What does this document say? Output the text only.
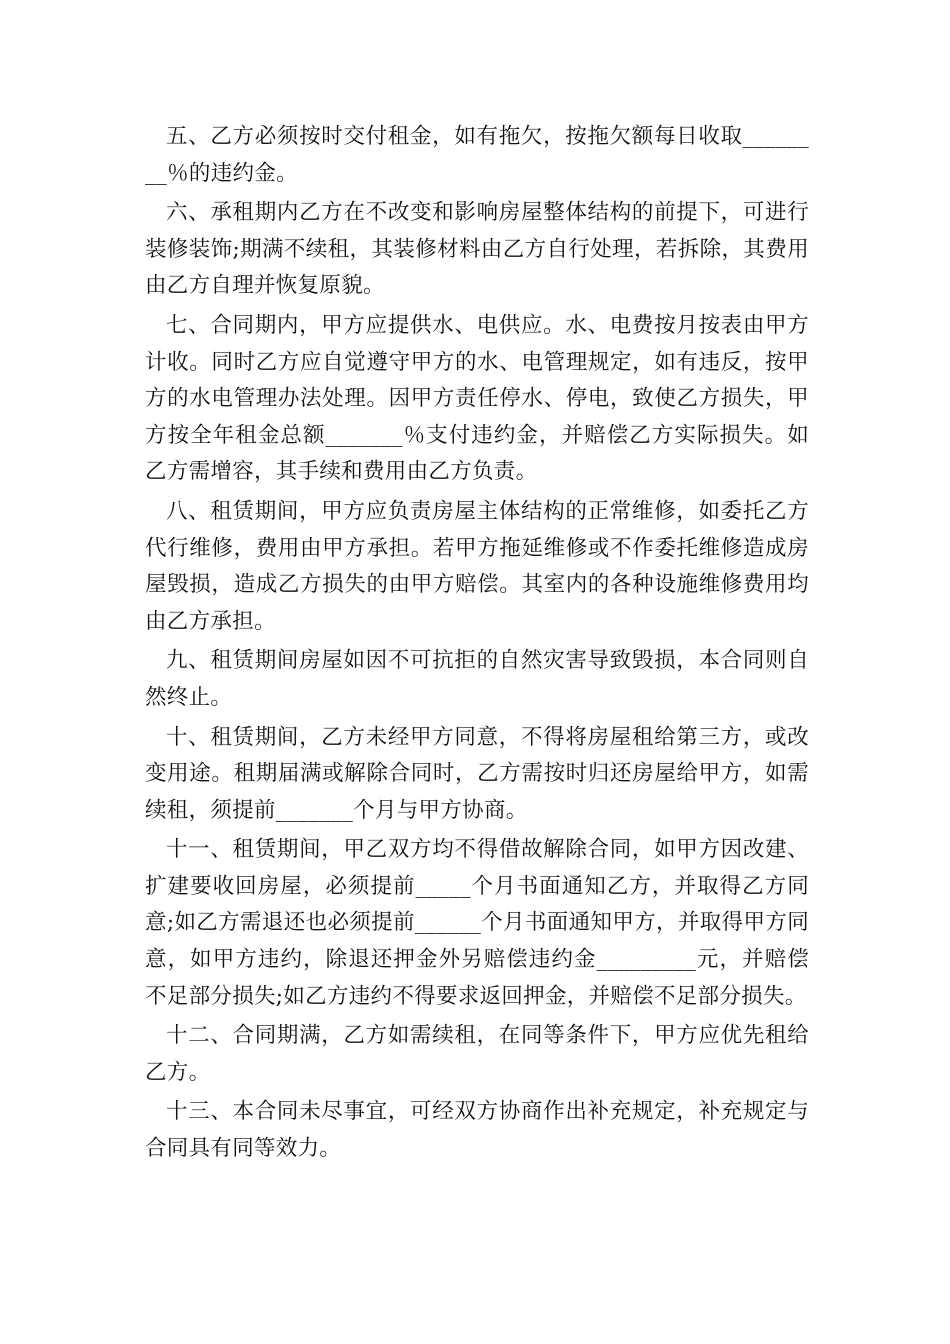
五、乙方必须按时交付租金，如有拖欠，按拖欠额每日收取________％的违约金。

六、承租期内乙方在不改变和影响房屋整体结构的前提下，可进行装修装饰;期满不续租，其装修材料由乙方自行处理，若拆除，其费用由乙方自理并恢复原貌。

七、合同期内，甲方应提供水、电供应。水、电费按月按表由甲方计收。同时乙方应自觉遵守甲方的水、电管理规定，如有违反，按甲方的水电管理办法处理。因甲方责任停水、停电，致使乙方损失，甲方按全年租金总额_______％支付违约金，并赔偿乙方实际损失。如乙方需增容，其手续和费用由乙方负责。

八、租赁期间，甲方应负责房屋主体结构的正常维修，如委托乙方代行维修，费用由甲方承担。若甲方拖延维修或不作委托维修造成房屋毁损，造成乙方损失的由甲方赔偿。其室内的各种设施维修费用均由乙方承担。

九、租赁期间房屋如因不可抗拒的自然灾害导致毁损，本合同则自然终止。

十、租赁期间，乙方未经甲方同意，不得将房屋租给第三方，或改变用途。租期届满或解除合同时，乙方需按时归还房屋给甲方，如需续租，须提前_______个月与甲方协商。

十一、租赁期间，甲乙双方均不得借故解除合同，如甲方因改建、扩建要收回房屋，必须提前_____个月书面通知乙方，并取得乙方同意;如乙方需退还也必须提前______个月书面通知甲方，并取得甲方同意，如甲方违约，除退还押金外另赔偿违约金_________元，并赔偿不足部分损失;如乙方违约不得要求返回押金，并赔偿不足部分损失。

十二、合同期满，乙方如需续租，在同等条件下，甲方应优先租给乙方。

十三、本合同未尽事宜，可经双方协商作出补充规定，补充规定与合同具有同等效力。
